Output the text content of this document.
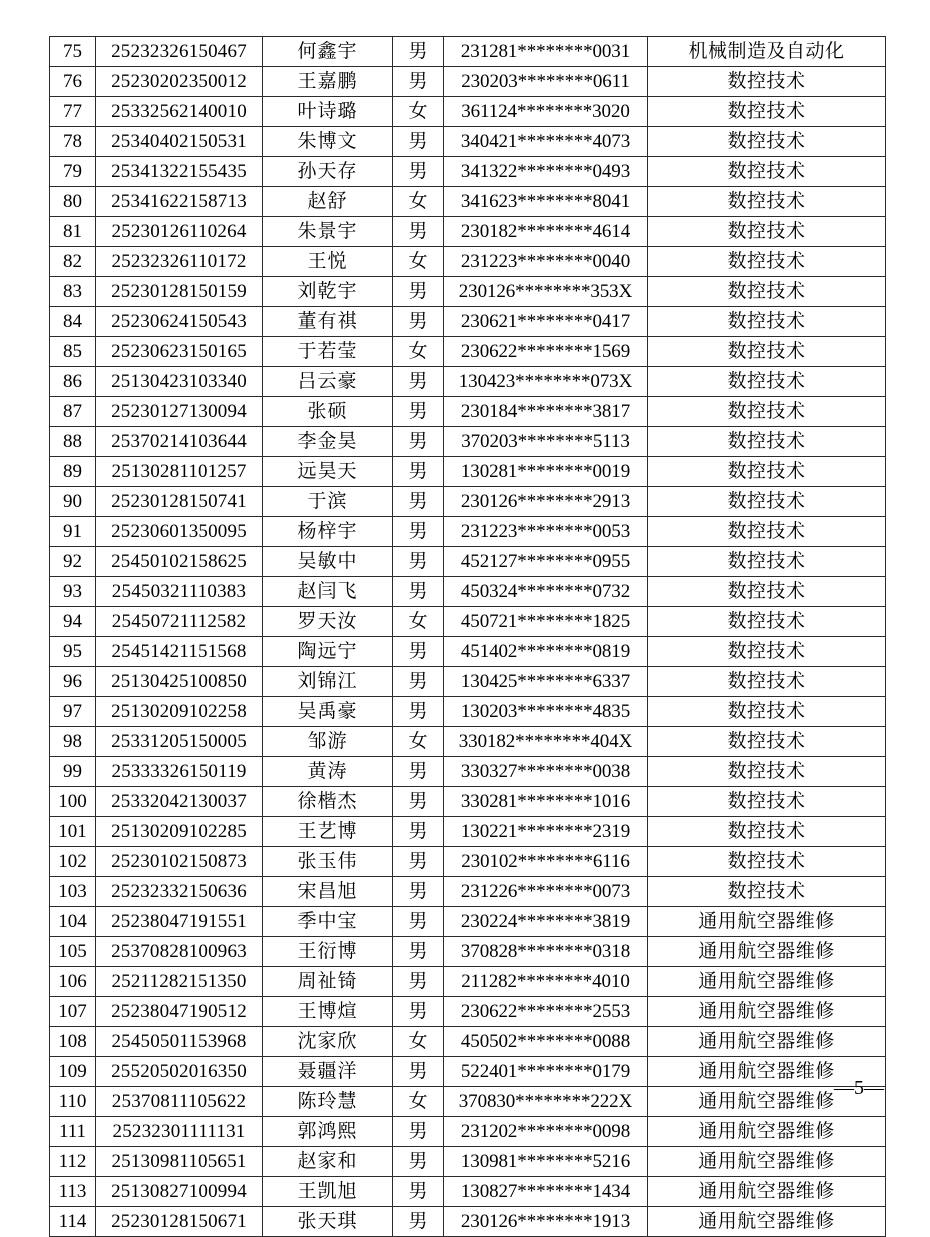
75	25232326150467	何鑫宇	男	231281********0031	机械制造及自动化
76	25230202350012	王嘉鹏	男	230203********0611	数控技术
77	25332562140010	叶诗璐	女	361124********3020	数控技术
78	25340402150531	朱博文	男	340421********4073	数控技术
79	25341322155435	孙天存	男	341322********0493	数控技术
80	25341622158713	赵舒	女	341623********8041	数控技术
81	25230126110264	朱景宇	男	230182********4614	数控技术
82	25232326110172	王悦	女	231223********0040	数控技术
83	25230128150159	刘乾宇	男	230126********353X	数控技术
84	25230624150543	董有祺	男	230621********0417	数控技术
85	25230623150165	于若莹	女	230622********1569	数控技术
86	25130423103340	吕云豪	男	130423********073X	数控技术
87	25230127130094	张硕	男	230184********3817	数控技术
88	25370214103644	李金昊	男	370203********5113	数控技术
89	25130281101257	远昊天	男	130281********0019	数控技术
90	25230128150741	于滨	男	230126********2913	数控技术
91	25230601350095	杨梓宇	男	231223********0053	数控技术
92	25450102158625	吴敏中	男	452127********0955	数控技术
93	25450321110383	赵闫飞	男	450324********0732	数控技术
94	25450721112582	罗天汝	女	450721********1825	数控技术
95	25451421151568	陶远宁	男	451402********0819	数控技术
96	25130425100850	刘锦江	男	130425********6337	数控技术
97	25130209102258	吴禹豪	男	130203********4835	数控技术
98	25331205150005	邹游	女	330182********404X	数控技术
99	25333326150119	黄涛	男	330327********0038	数控技术
100	25332042130037	徐楷杰	男	330281********1016	数控技术
101	25130209102285	王艺博	男	130221********2319	数控技术
102	25230102150873	张玉伟	男	230102********6116	数控技术
103	25232332150636	宋昌旭	男	231226********0073	数控技术
104	25238047191551	季中宝	男	230224********3819	通用航空器维修
105	25370828100963	王衍博	男	370828********0318	通用航空器维修
106	25211282151350	周祉锜	男	211282********4010	通用航空器维修
107	25238047190512	王博煊	男	230622********2553	通用航空器维修
108	25450501153968	沈家欣	女	450502********0088	通用航空器维修
109	25520502016350	聂疆洋	男	522401********0179	通用航空器维修
110	25370811105622	陈玲慧	女	370830********222X	通用航空器维修
111	25232301111131	郭鸿熙	男	231202********0098	通用航空器维修
112	25130981105651	赵家和	男	130981********5216	通用航空器维修
113	25130827100994	王凯旭	男	130827********1434	通用航空器维修
114	25230128150671	张天琪	男	230126********1913	通用航空器维修
—5—
